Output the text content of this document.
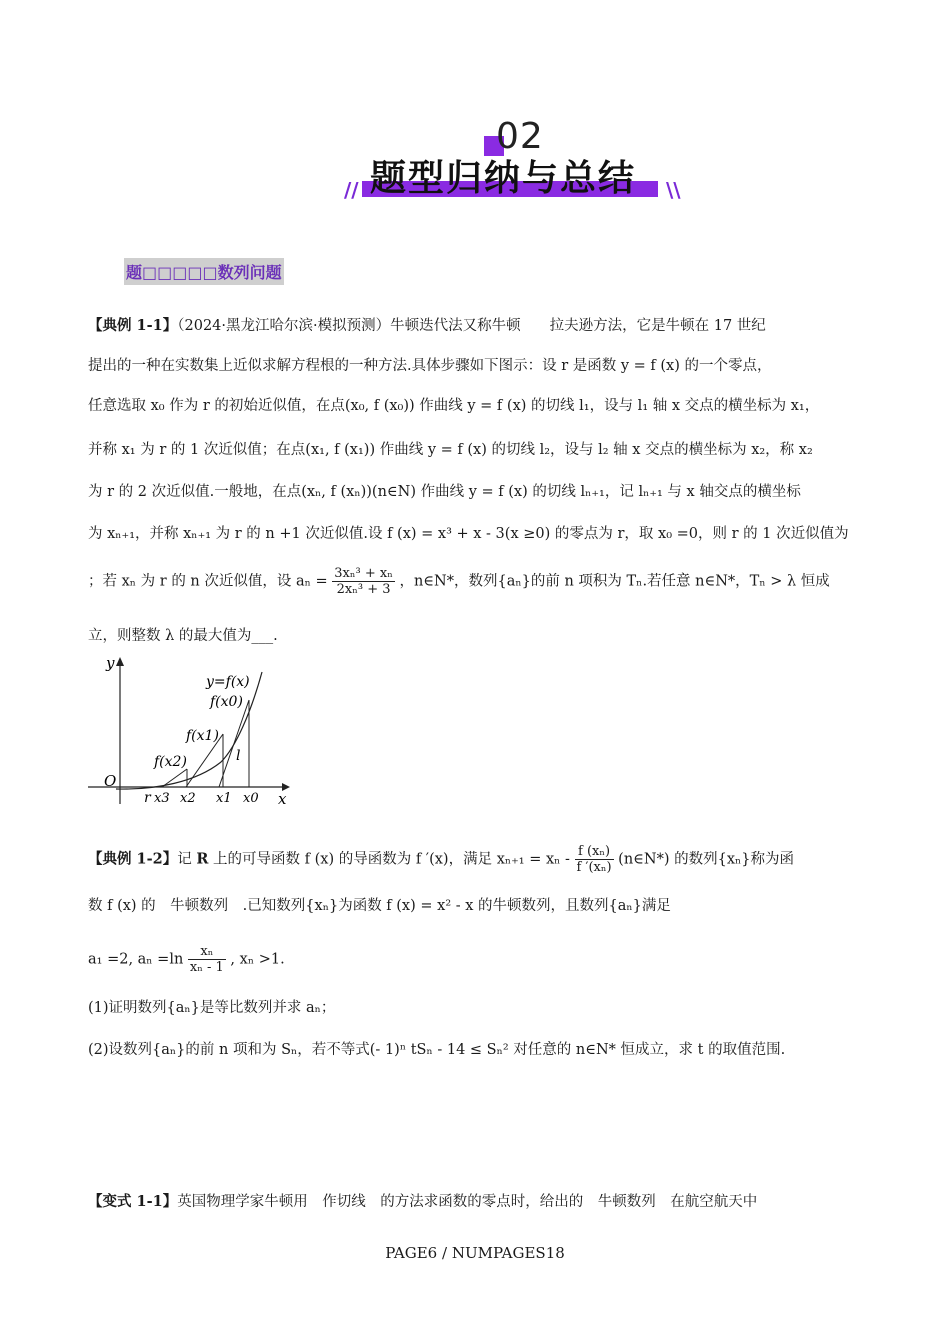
02
题型归纳与总结
//	\\
题□□□□□数列问题
【典例 1-1】（2024·黑龙江哈尔滨·模拟预测）牛顿迭代法又称牛顿　　拉夫逊方法，它是牛顿在 17 世纪
提出的一种在实数集上近似求解方程根的一种方法.具体步骤如下图示：设 r 是函数 y = f (x) 的一个零点，
任意选取 x₀ 作为 r 的初始近似值，在点(x₀, f (x₀)) 作曲线 y = f (x) 的切线 l₁，设与 l₁ 轴 x 交点的横坐标为 x₁，
并称 x₁ 为 r 的 1 次近似值；在点(x₁, f (x₁)) 作曲线 y = f (x) 的切线 l₂，设与 l₂ 轴 x 交点的横坐标为 x₂，称 x₂
为 r 的 2 次近似值.一般地，在点(xₙ, f (xₙ))(n∈N) 作曲线 y = f (x) 的切线 lₙ₊₁，记 lₙ₊₁ 与 x 轴交点的横坐标
为 xₙ₊₁，并称 xₙ₊₁ 为 r 的 n +1 次近似值.设 f (x) = x³ + x - 3(x ≥0) 的零点为 r，取 x₀ =0，则 r 的 1 次近似值为
；若 xₙ 为 r 的 n 次近似值，设 $a_n = \frac{\text{3xₙ³ + xₙ}}{\text{2xₙ³ + 3}}$ ，n∈N*，数列{aₙ}的前 n 项积为 Tₙ.若任意 n∈N*，Tₙ > λ 恒成
立，则整数 λ 的最大值为___.
y
x
O
y=f(x)
f(x0)
f(x1)
f(x2)	l
r x3 x2 x1 x0
【典例 1-2】记 R 上的可导函数 f (x) 的导函数为 f ′(x)，满足 $x_{n+1} = x_n - \frac{\text{f (xₙ)}}{\text{f ′(xₙ)}}$ (n∈N*) 的数列{xₙ}称为函
数 f (x) 的　牛顿数列　.已知数列{xₙ}为函数 f (x) = x² - x 的牛顿数列，且数列{aₙ}满足
a₁ =2, $a_n =\ln \frac{\text{xₙ}}{\text{xₙ - 1}}$ , xₙ >1.
(1)证明数列{aₙ}是等比数列并求 aₙ；
(2)设数列{aₙ}的前 n 项和为 Sₙ，若不等式(- 1)ⁿ tSₙ - 14 ≤ Sₙ² 对任意的 n∈N* 恒成立，求 t 的取值范围.
【变式 1-1】英国物理学家牛顿用　作切线　的方法求函数的零点时，给出的　牛顿数列　在航空航天中
PAGE6 / NUMPAGES18
